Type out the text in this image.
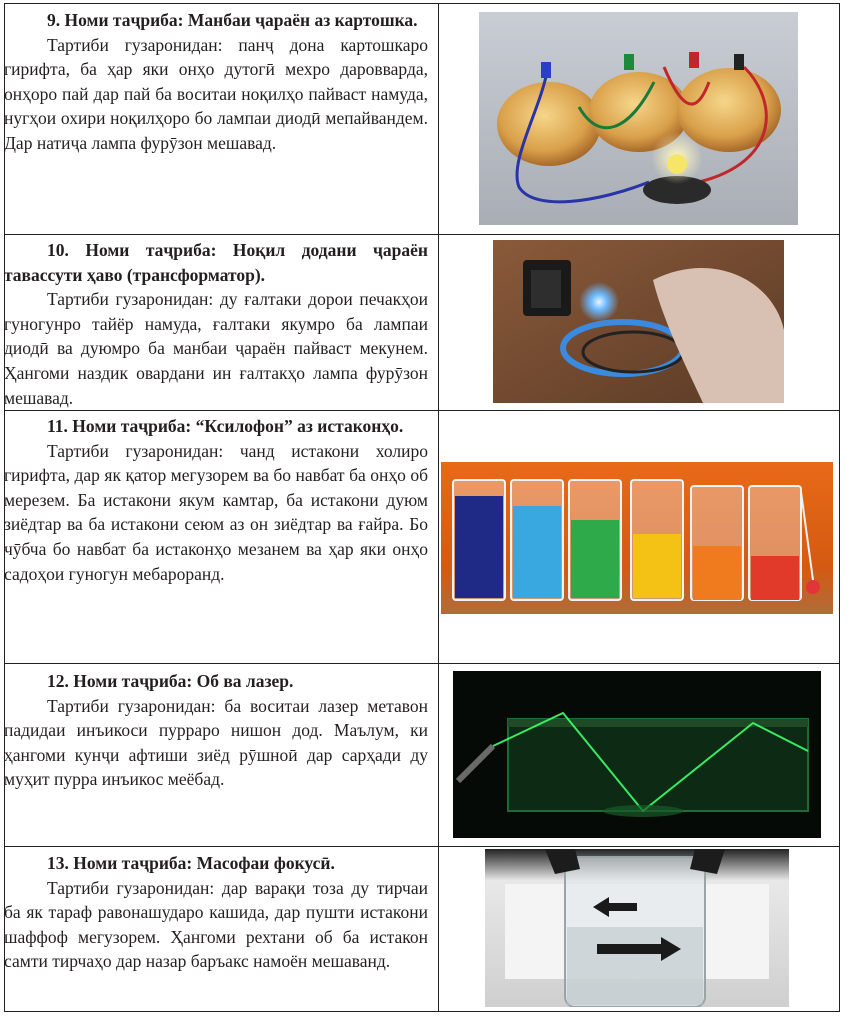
9. Номи таҷриба: Манбаи ҷараён аз картошка.

Тартиби гузаронидан: панҷ дона картошкаро гирифта, ба ҳар яки онҳо дутогӣ мехро даровварда, онҳоро пай дар пай ба воситаи ноқилҳо пайваст намуда, нугҳои охири ноқилҳоро бо лампаи диодӣ мепайвандем. Дар натиҷа лампа фурӯзон мешавад.

10. Номи таҷриба: Ноқил додани ҷараён тавассути ҳаво (трансформатор).

Тартиби гузаронидан: ду ғалтаки дорои печакҳои гуногунро тайёр намуда, ғалтаки якумро ба лампаи диодӣ ва дуюмро ба манбаи ҷараён пайваст мекунем. Ҳангоми наздик овардани ин ғалтакҳо лампа фурӯзон мешавад.

11. Номи таҷриба: “Ксилофон” аз истаконҳо.

Тартиби гузаронидан: чанд истакони холиро гирифта, дар як қатор мегузорем ва бо навбат ба онҳо об мерезем. Ба истакони якум камтар, ба истакони дуюм зиёдтар ва ба истакони сеюм аз он зиёдтар ва ғайра. Бо чӯбча бо навбат ба истаконҳо мезанем ва ҳар яки онҳо садоҳои гуногун мебароранд.

12. Номи таҷриба: Об ва лазер.

Тартиби гузаронидан: ба воситаи лазер метавон падидаи инъикоси пурраро нишон дод. Маълум, ки ҳангоми кунҷи афтиши зиёд рӯшноӣ дар сарҳади ду муҳит пурра инъикос меёбад.

13. Номи таҷриба: Масофаи фокусӣ.

Тартиби гузаронидан: дар варақи тоза ду тирчаи ба як тараф равонашударо кашида, дар пушти истакони шаффоф мегузорем. Ҳангоми рехтани об ба истакон самти тирчаҳо дар назар баръакс намоён мешаванд.
